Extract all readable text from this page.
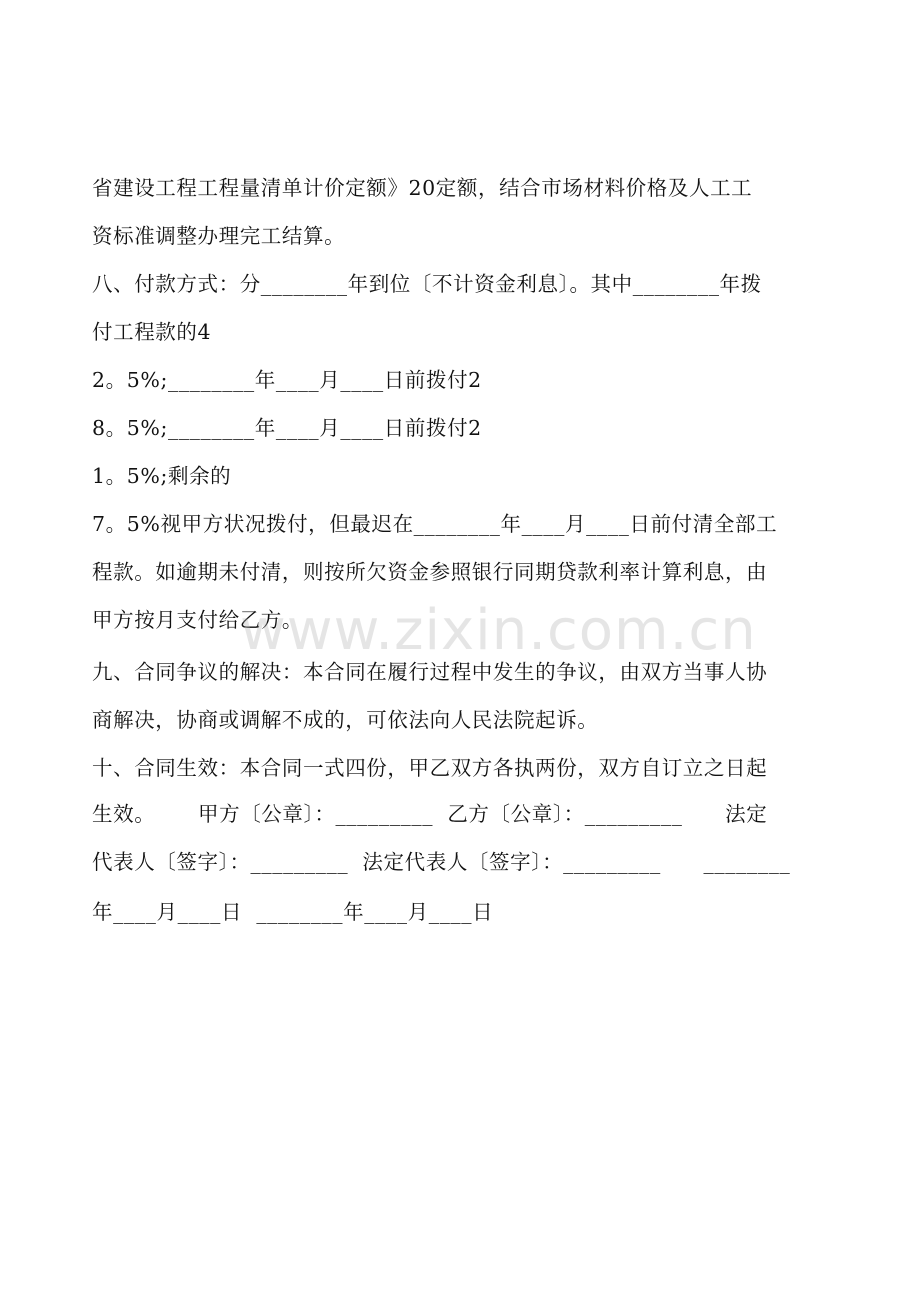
省建设工程工程量清单计价定额》20定额，结合市场材料价格及人工工
资标准调整办理完工结算。
八、付款方式：分________年到位〔不计资金利息〕。其中________年拨
付工程款的4
2。5%;________年____月____日前拨付2
8。5%;________年____月____日前拨付2
1。5%;剩余的
7。5%视甲方状况拨付，但最迟在________年____月____日前付清全部工
程款。如逾期未付清，则按所欠资金参照银行同期贷款利率计算利息，由
甲方按月支付给乙方。
九、合同争议的解决：本合同在履行过程中发生的争议，由双方当事人协
商解决，协商或调解不成的，可依法向人民法院起诉。
十、合同生效：本合同一式四份，甲乙双方各执两份，双方自订立之日起
生效。      甲方〔公章〕：_________  乙方〔公章〕：_________      法定
代表人〔签字〕：_________  法定代表人〔签字〕：_________      ________
年____月____日  ________年____月____日
www.zixin.com.cn
